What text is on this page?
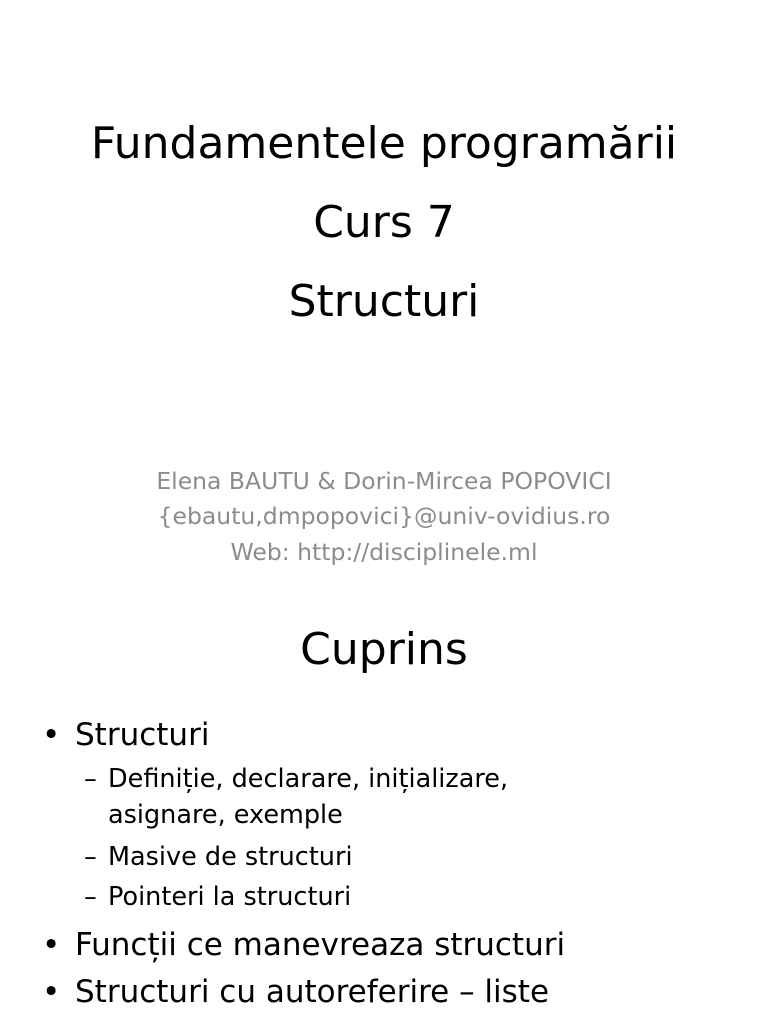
Fundamentele programării
Curs 7
Structuri
Elena BAUTU & Dorin-Mircea POPOVICI
{ebautu,dmpopovici}@univ-ovidius.ro
Web: http://disciplinele.ml
Cuprins
• Structuri
– Definiție, declarare, inițializare,
asignare, exemple
– Masive de structuri
– Pointeri la structuri
• Funcții ce manevreaza structuri
• Structuri cu autoreferire – liste
